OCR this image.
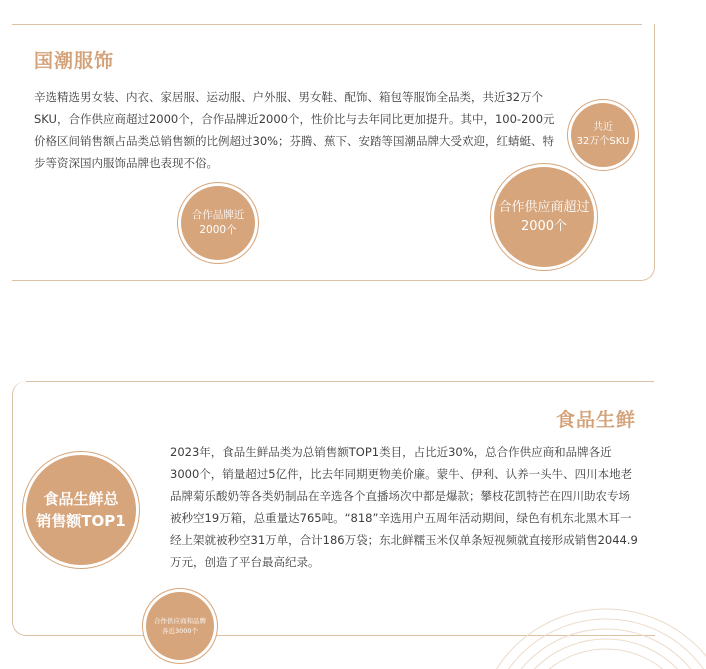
国潮服饰

辛选精选男女装、内衣、家居服、运动服、户外服、男女鞋、配饰、箱包等服饰全品类，共近32万个SKU，合作供应商超过2000个，合作品牌近2000个，性价比与去年同比更加提升。其中，100-200元价格区间销售额占品类总销售额的比例超过30%；芬腾、蕉下、安踏等国潮品牌大受欢迎，红蜻蜓、特步等资深国内服饰品牌也表现不俗。

共近
32万个SKU
合作品牌近
2000个
合作供应商超过
2000个
食品生鲜

2023年，食品生鲜品类为总销售额TOP1类目，占比近30%，总合作供应商和品牌各近3000个，销量超过5亿件，比去年同期更物美价廉。蒙牛、伊利、认养一头牛、四川本地老品牌菊乐酸奶等各类奶制品在辛选各个直播场次中都是爆款；攀枝花凯特芒在四川助农专场被秒空19万箱，总重量达765吨。“818”辛选用户五周年活动期间，绿色有机东北黑木耳一经上架就被秒空31万单，合计186万袋；东北鲜糯玉米仅单条短视频就直接形成销售2044.9万元，创造了平台最高纪录。

食品生鲜总
销售额TOP1
合作供应商和品牌
各近3000个
